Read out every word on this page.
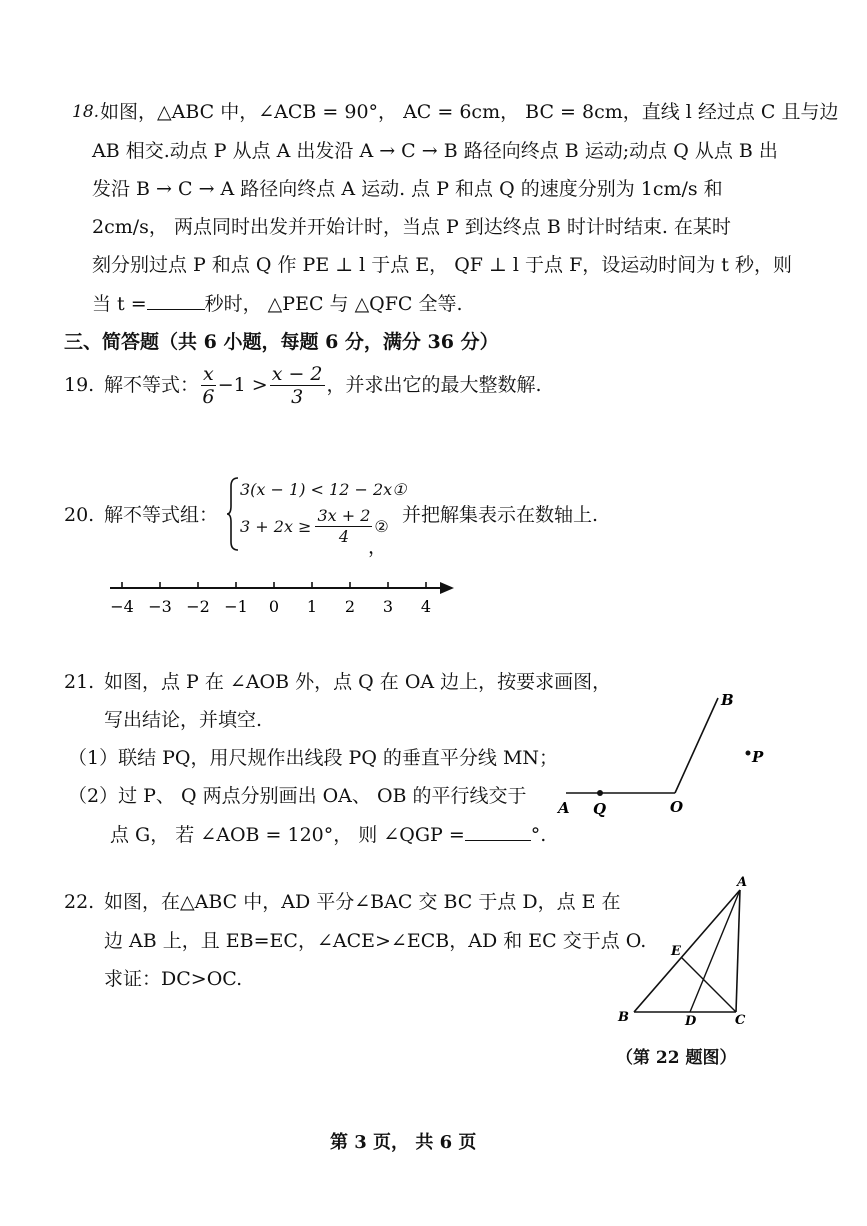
18. 如图，△ABC 中，∠ACB = 90°， AC = 6cm， BC = 8cm，直线 l 经过点 C 且与边
AB 相交.动点 P 从点 A 出发沿 A → C → B 路径向终点 B 运动;动点 Q 从点 B 出
发沿 B → C → A 路径向终点 A 运动. 点 P 和点 Q 的速度分别为 1cm/s 和
2cm/s， 两点同时出发并开始计时，当点 P 到达终点 B 时计时结束. 在某时
刻分别过点 P 和点 Q 作 PE ⊥ l 于点 E， QF ⊥ l 于点 F，设运动时间为 t 秒，则
当 t =	秒时， △PEC 与 △QFC 全等.
三、简答题（共 6 小题，每题 6 分，满分 36 分）
19. 解不等式： $\frac{x}{6} -1 > \frac{x - 2}{3}$ ，并求出它的最大整数解.
20. 解不等式组：
3(x − 1) < 12 − 2x①
$3 + 2x \ge \frac{3x + 2}{4}$ ②
，
并把解集表示在数轴上.
−4 −3 −2 −1 0 1 2 3 4
21. 如图，点 P 在 ∠AOB 外，点 Q 在 OA 边上，按要求画图，
写出结论，并填空.
（1）联结 PQ，用尺规作出线段 PQ 的垂直平分线 MN；
（2）过 P、 Q 两点分别画出 OA、 OB 的平行线交于
点 G， 若 ∠AOB = 120°， 则 ∠QGP =	°.
A Q	O
B
P
22. 如图，在△ABC 中，AD 平分∠BAC 交 BC 于点 D，点 E 在
边 AB 上，且 EB=EC，∠ACE>∠ECB，AD 和 EC 交于点 O.
求证：DC>OC.
A
E
B	D	C
（第 22 题图）
第 3 页， 共 6 页
